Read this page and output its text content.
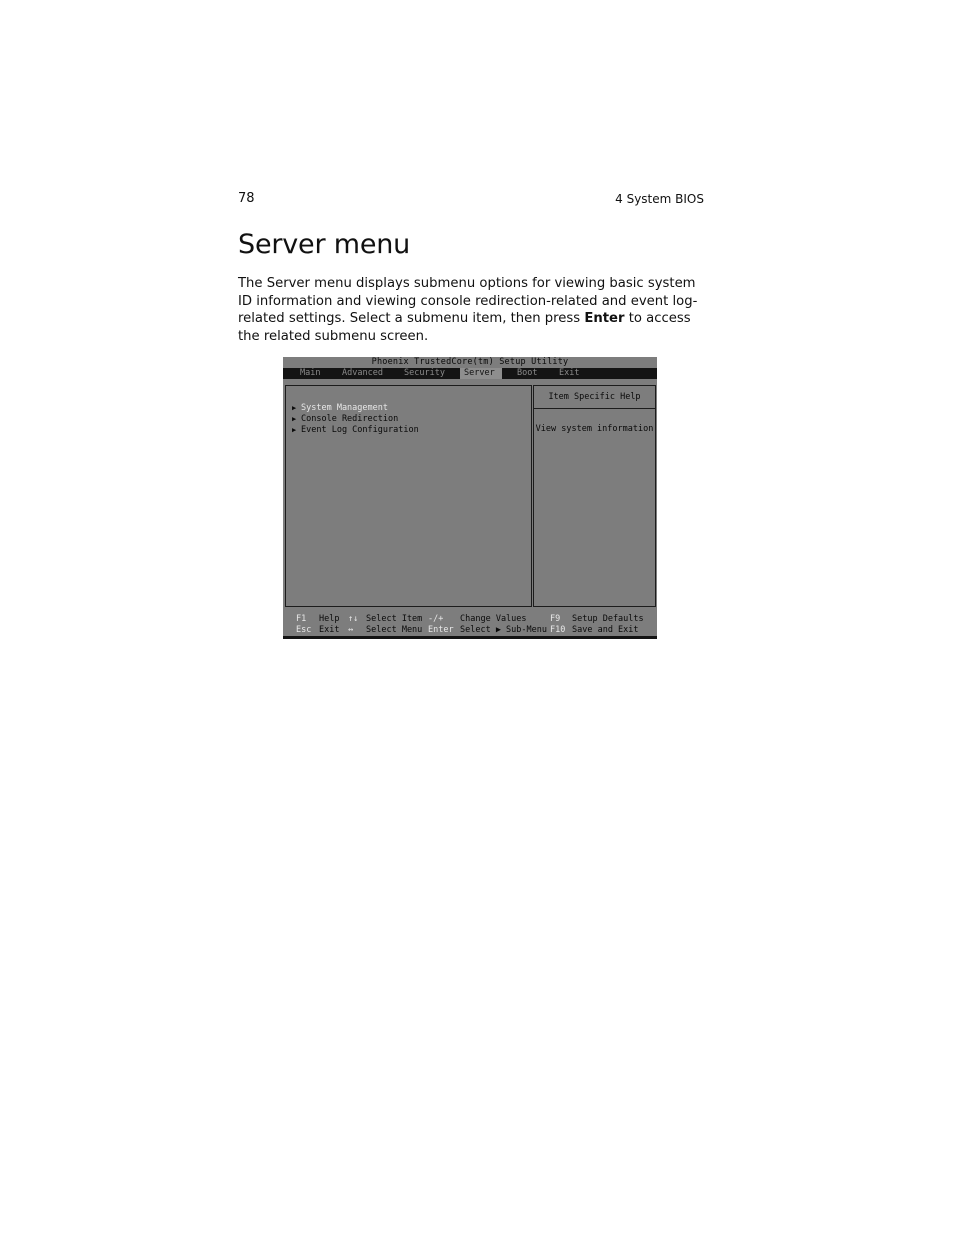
78	4 System BIOS
Server menu

The Server menu displays submenu options for viewing basic system ID information and viewing console redirection-related and event log-related settings. Select a submenu item, then press Enter to access the related submenu screen.

Phoenix TrustedCore(tm) Setup Utility
Main	Advanced	Security	Server	Boot	Exit
▶ System Management
▶ Console Redirection
▶ Event Log Configuration
Item Specific Help
View system information
F1 Help ↑↓ Select Item -/+ Change Values	F9 Setup Defaults
Esc Exit ↔ Select Menu Enter Select ▶ Sub-Menu F10 Save and Exit
